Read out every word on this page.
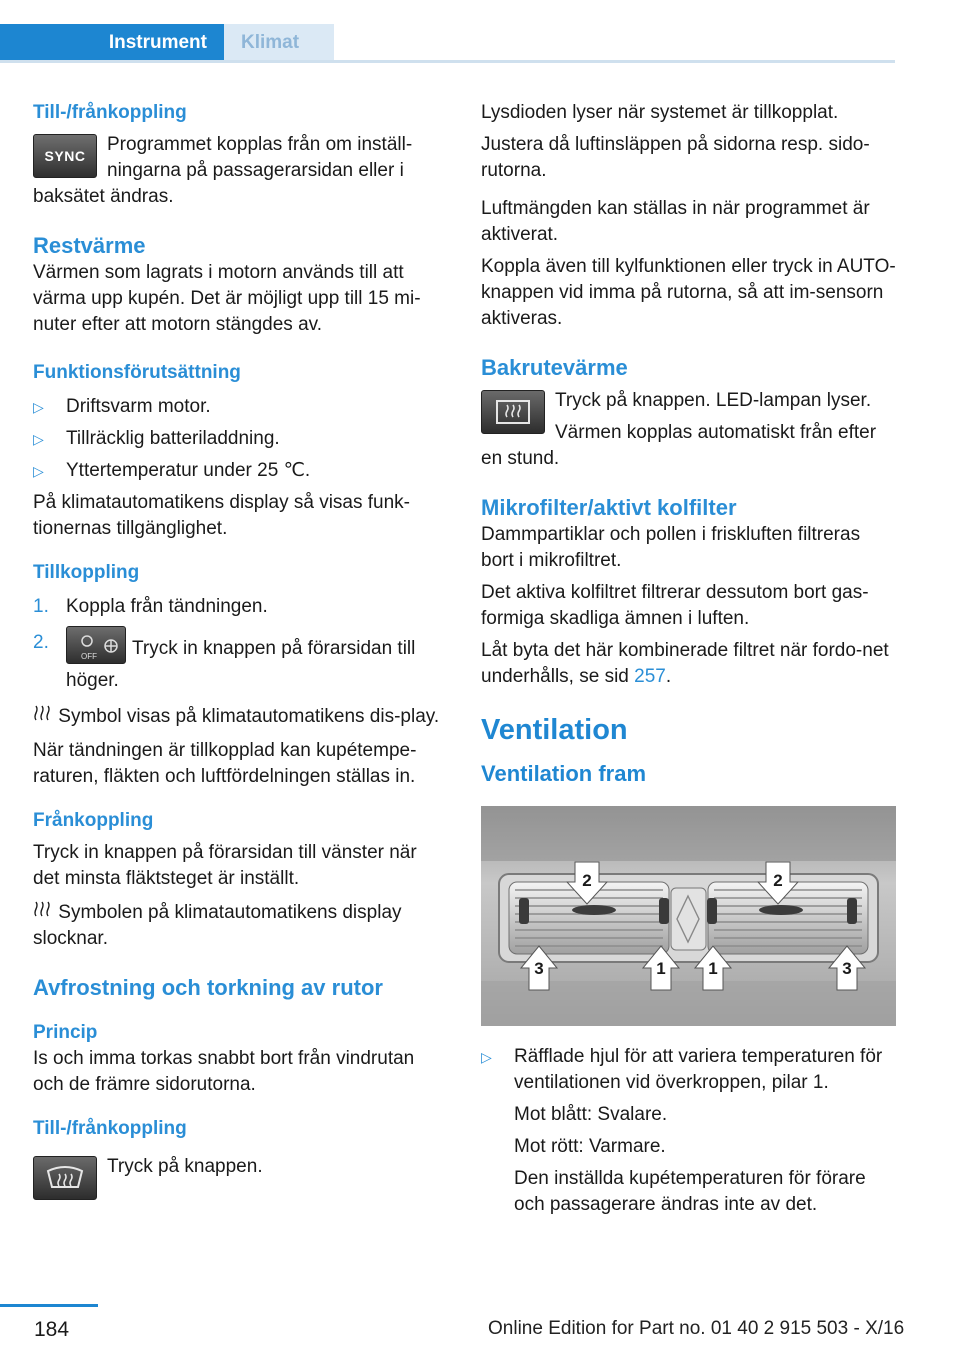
Instrument	Klimat
Till-/frånkoppling
SYNC

Programmet kopplas från om inställ-ningarna på passagerarsidan eller i baksätet ändras.

Restvärme

Värmen som lagrats i motorn används till att värma upp kupén. Det är möjligt upp till 15 mi-nuter efter att motorn stängdes av.

Funktionsförutsättning
▷ Driftsvarm motor.
▷ Tillräcklig batteriladdning.
▷ Yttertemperatur under 25 ℃.

På klimatautomatikens display så visas funk-tionernas tillgänglighet.

Tillkoppling
1. Koppla från tändningen.
2.
OFF Tryck in knappen på förarsidan till höger.

Symbol visas på klimatautomatikens dis-play.

När tändningen är tillkopplad kan kupétempe-raturen, fläkten och luftfördelningen ställas in.

Frånkoppling

Tryck in knappen på förarsidan till vänster när det minsta fläktsteget är inställt.

Symbolen på klimatautomatikens display slocknar.

Avfrostning och torkning av rutor
Princip

Is och imma torkas snabbt bort från vindrutan och de främre sidorutorna.

Till-/frånkoppling

Tryck på knappen.

Lysdioden lyser när systemet är tillkopplat.

Justera då luftinsläppen på sidorna resp. sido-rutorna.

Luftmängden kan ställas in när programmet är aktiverat.

Koppla även till kylfunktionen eller tryck in AUTO-knappen vid imma på rutorna, så att im-sensorn aktiveras.

Bakrutevärme

Tryck på knappen. LED-lampan lyser.

Värmen kopplas automatiskt från efter en stund.

Mikrofilter/aktivt kolfilter

Dammpartiklar och pollen i friskluften filtreras bort i mikrofiltret.

Det aktiva kolfiltret filtrerar dessutom bort gas-formiga skadliga ämnen i luften.

Låt byta det här kombinerade filtret när fordo-net underhålls, se sid 257.

Ventilation
Ventilation fram
2	2
3	1	1	3
▷ Räfflade hjul för att variera temperaturen för ventilationen vid överkroppen, pilar 1.

Mot blått: Svalare.

Mot rött: Varmare.

Den inställda kupétemperaturen för förare och passagerare ändras inte av det.

184	Online Edition for Part no. 01 40 2 915 503 - X/16
